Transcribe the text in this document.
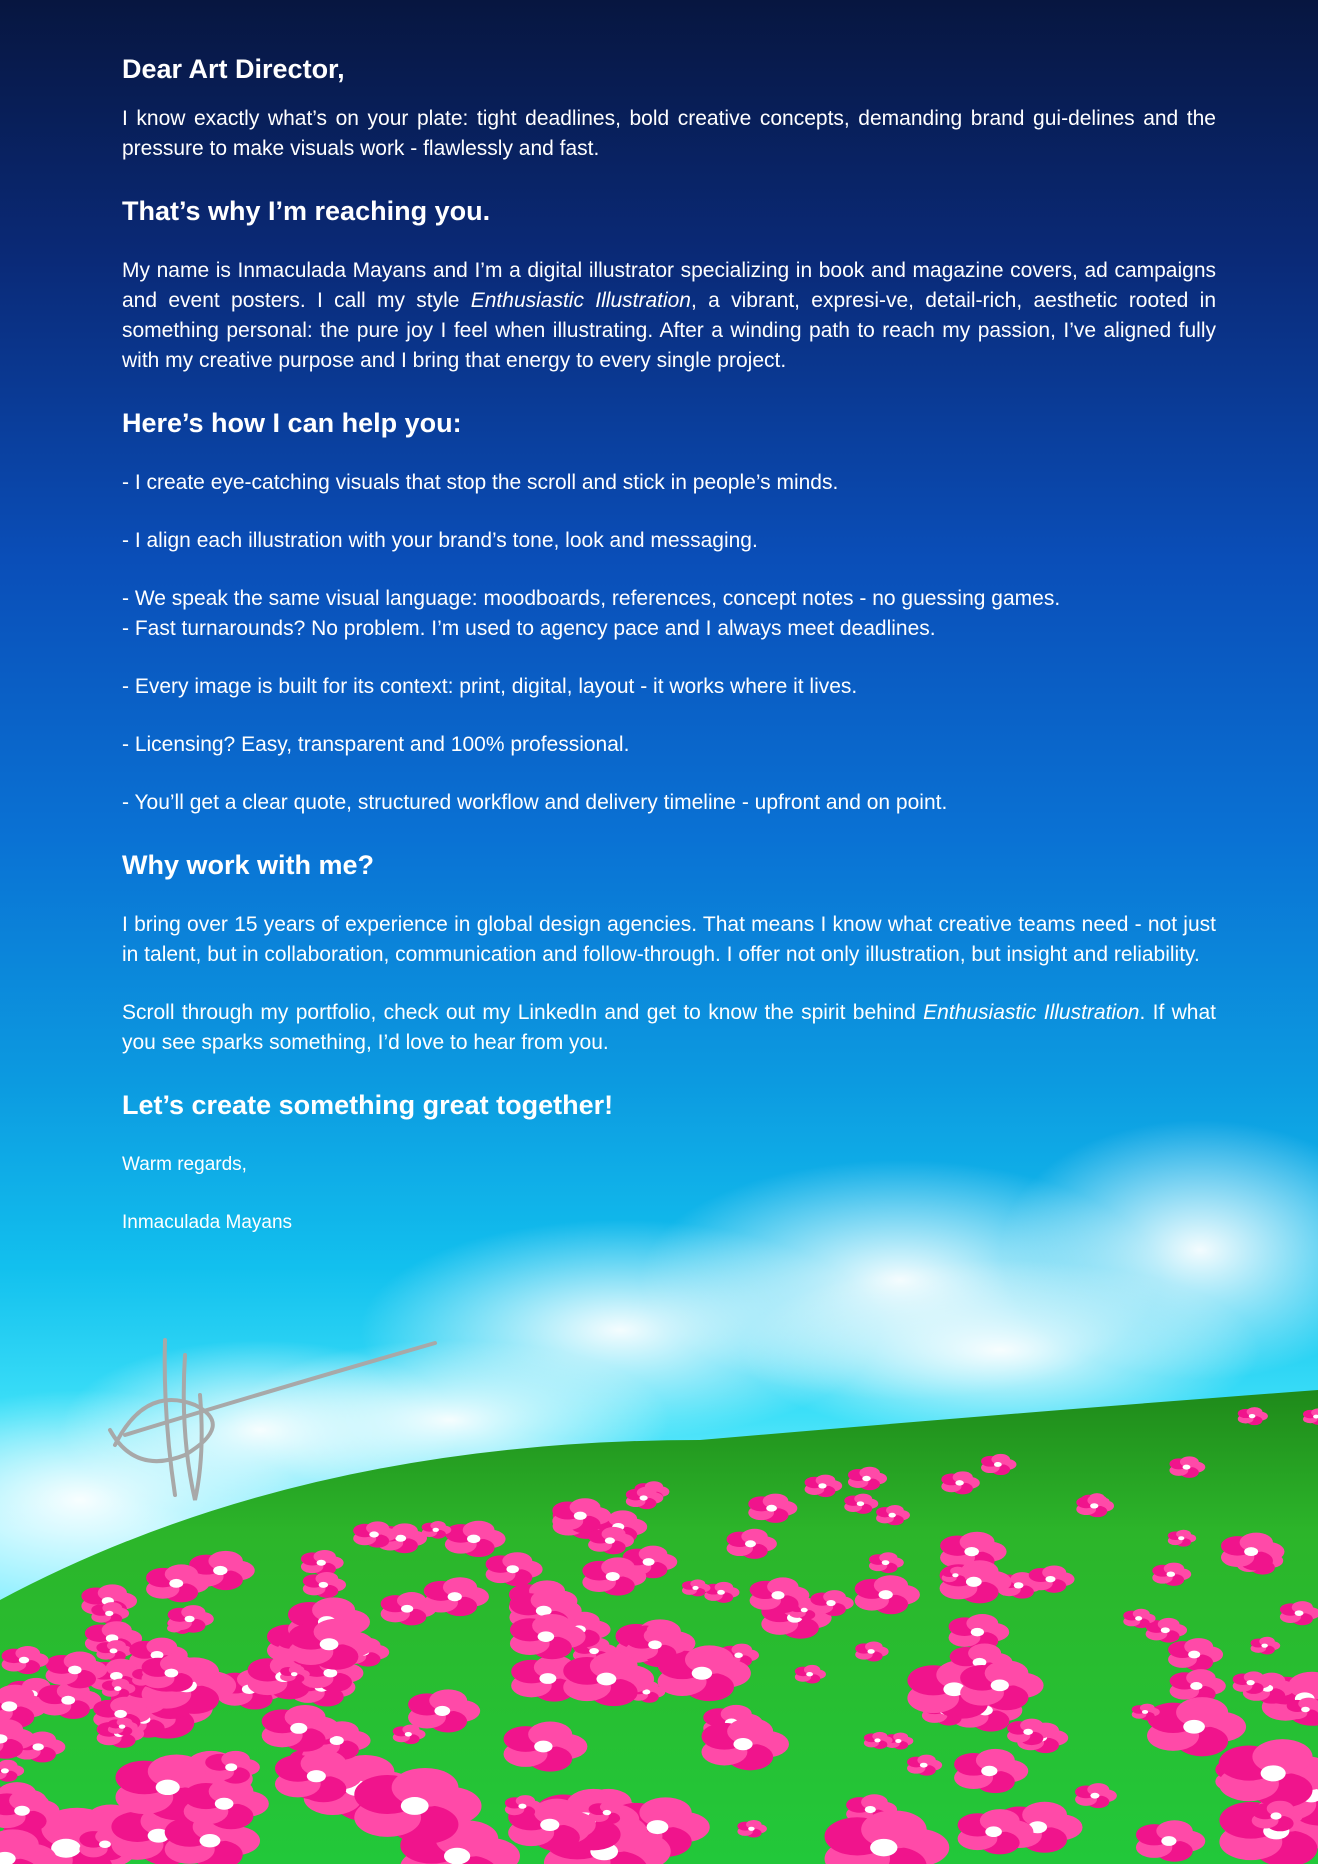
Dear Art Director,

I know exactly what’s on your plate: tight deadlines, bold creative concepts, demanding brand gui-delines and the pressure to make visuals work - flawlessly and fast.

That’s why I’m reaching you.

My name is Inmaculada Mayans and I’m a digital illustrator specializing in book and magazine covers, ad campaigns and event posters. I call my style Enthusiastic Illustration, a vibrant, expresi-ve, detail-rich, aesthetic rooted in something personal: the pure joy I feel when illustrating. After a winding path to reach my passion, I’ve aligned fully with my creative purpose and I bring that energy to every single project.

Here’s how I can help you:

- I create eye-catching visuals that stop the scroll and stick in people’s minds.

- I align each illustration with your brand’s tone, look and messaging.

- We speak the same visual language: moodboards, references, concept notes - no guessing games.

- Fast turnarounds? No problem. I’m used to agency pace and I always meet deadlines.

- Every image is built for its context: print, digital, layout - it works where it lives.

- Licensing? Easy, transparent and 100% professional.

- You’ll get a clear quote, structured workflow and delivery timeline - upfront and on point.

Why work with me?

I bring over 15 years of experience in global design agencies. That means I know what creative teams need - not just in talent, but in collaboration, communication and follow-through. I offer not only illustration, but insight and reliability.

Scroll through my portfolio, check out my LinkedIn and get to know the spirit behind Enthusiastic Illustration. If what you see sparks something, I’d love to hear from you.

Let’s create something great together!

Warm regards,

Inmaculada Mayans
